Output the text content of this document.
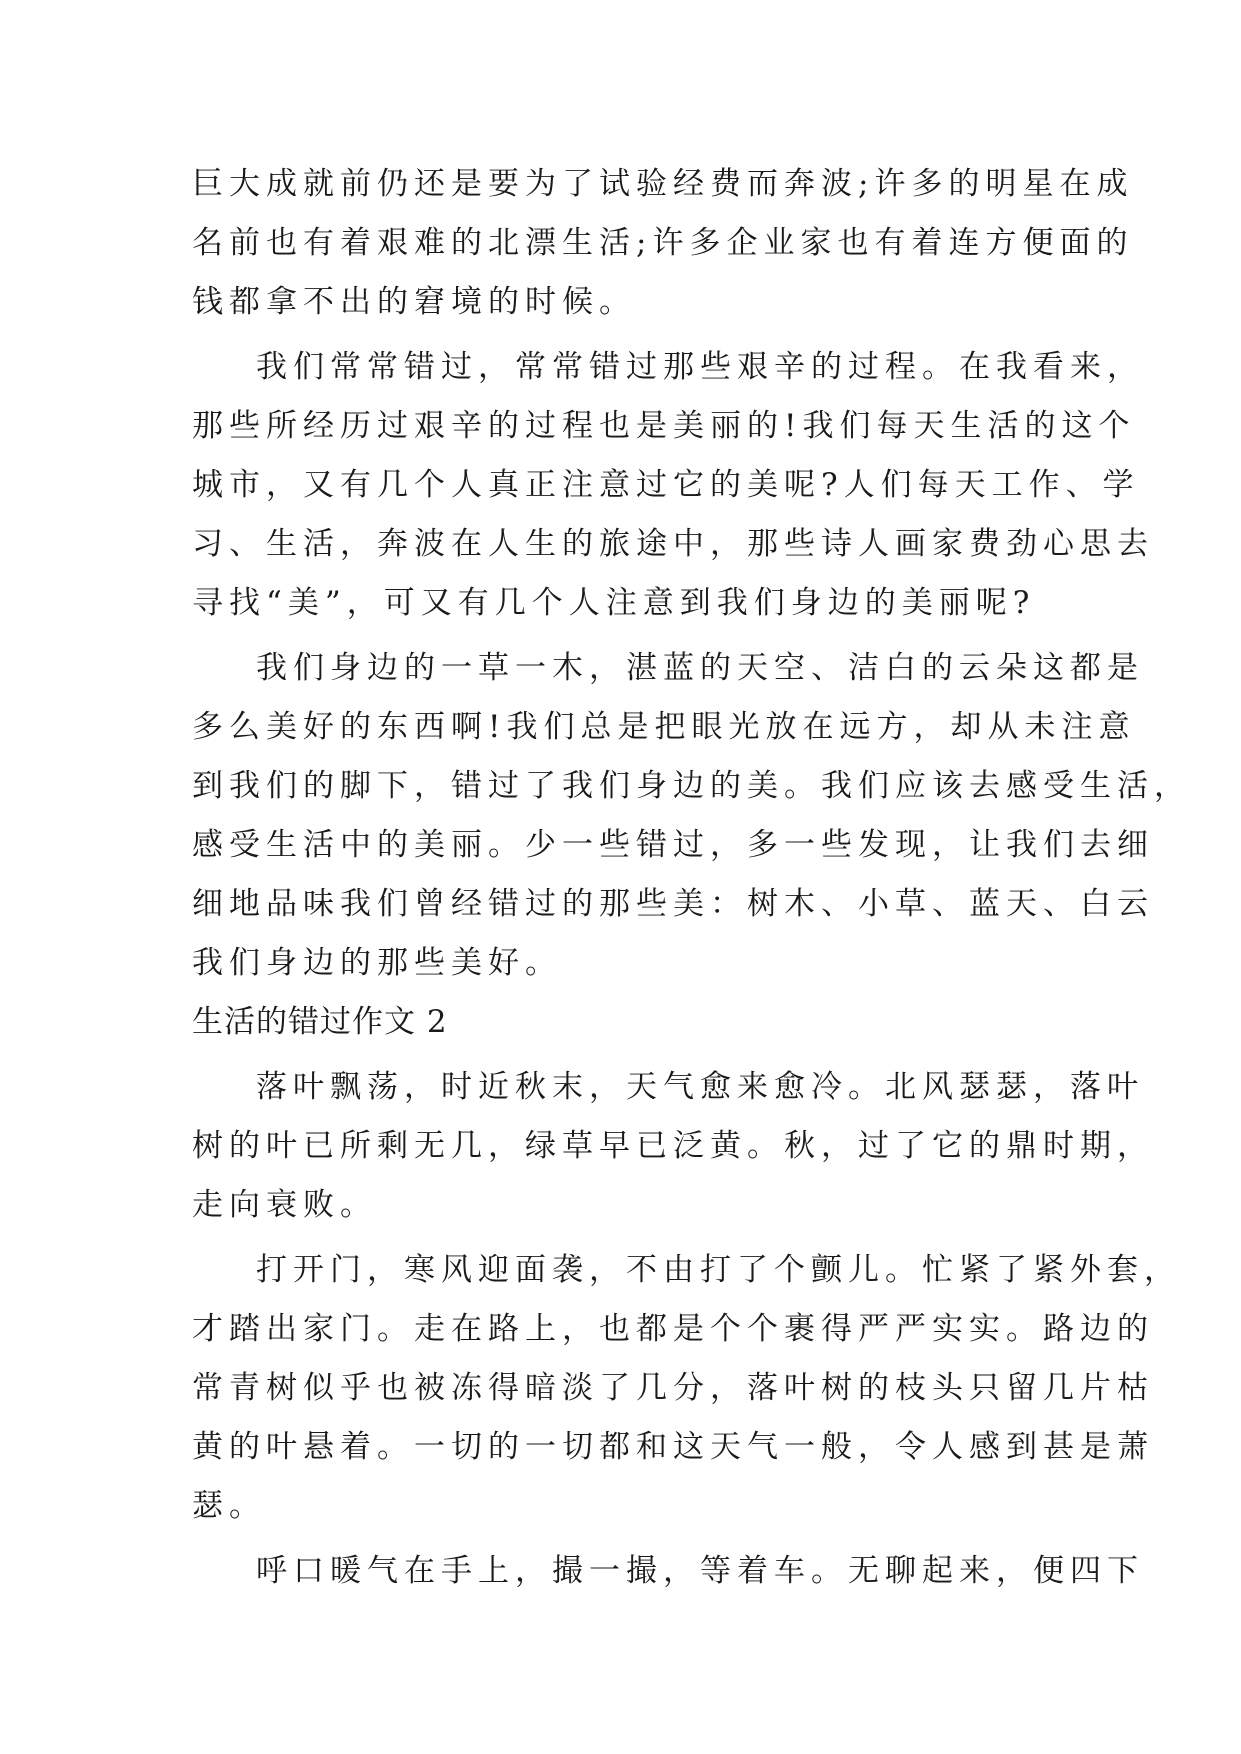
巨大成就前仍还是要为了试验经费而奔波;许多的明星在成
名前也有着艰难的北漂生活;许多企业家也有着连方便面的
钱都拿不出的窘境的时候。
我们常常错过，常常错过那些艰辛的过程。在我看来，
那些所经历过艰辛的过程也是美丽的!我们每天生活的这个
城市，又有几个人真正注意过它的美呢?人们每天工作、学
习、生活，奔波在人生的旅途中，那些诗人画家费劲心思去
寻找“美”，可又有几个人注意到我们身边的美丽呢?
我们身边的一草一木，湛蓝的天空、洁白的云朵这都是
多么美好的东西啊!我们总是把眼光放在远方，却从未注意
到我们的脚下，错过了我们身边的美。我们应该去感受生活，
感受生活中的美丽。少一些错过，多一些发现，让我们去细
细地品味我们曾经错过的那些美：树木、小草、蓝天、白云
我们身边的那些美好。
生活的错过作文 2
落叶飘荡，时近秋末，天气愈来愈冷。北风瑟瑟，落叶
树的叶已所剩无几，绿草早已泛黄。秋，过了它的鼎时期，
走向衰败。
打开门，寒风迎面袭，不由打了个颤儿。忙紧了紧外套，
才踏出家门。走在路上，也都是个个裹得严严实实。路边的
常青树似乎也被冻得暗淡了几分，落叶树的枝头只留几片枯
黄的叶悬着。一切的一切都和这天气一般，令人感到甚是萧
瑟。
呼口暖气在手上，撮一撮，等着车。无聊起来，便四下
